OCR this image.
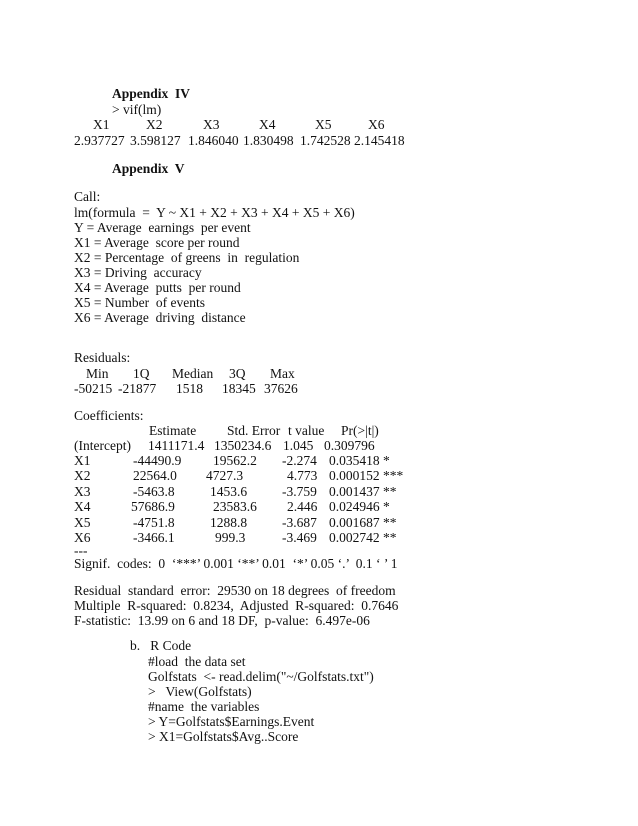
Appendix  IV
> vif(lm)
X1	X2	X3	X4	X5	X6
2.937727 3.598127 1.846040 1.830498 1.742528 2.145418
Appendix  V
Call:
lm(formula  =  Y ~ X1 + X2 + X3 + X4 + X5 + X6)
Y = Average  earnings  per event
X1 = Average  score per round
X2 = Percentage  of greens  in  regulation
X3 = Driving  accuracy
X4 = Average  putts  per round
X5 = Number  of events
X6 = Average  driving  distance
Residuals:
Min 1Q Median 3Q Max
-50215 -21877 1518 18345 37626
Coefficients:
Estimate Std. Error t value Pr(>|t|)
(Intercept) 1411171.4 1350234.6 1.045 0.309796
X1	-44490.9 19562.2 -2.274 0.035418 *
X2	22564.0 4727.3	4.773 0.000152 ***
X3	-5463.8	1453.6	-3.759 0.001437 **
X4	57686.9	23583.6 2.446 0.024946 *
X5	-4751.8	1288.8	-3.687 0.001687 **
X6	-3466.1	999.3	-3.469 0.002742 **
---
Signif.  codes:  0  ‘***’ 0.001 ‘**’ 0.01  ‘*’ 0.05 ‘.’  0.1 ‘ ’ 1
Residual  standard  error:  29530 on 18 degrees  of freedom
Multiple  R-squared:  0.8234,  Adjusted  R-squared:  0.7646
F-statistic:  13.99 on 6 and 18 DF,  p-value:  6.497e-06
b.   R Code
#load  the data set
Golfstats  <- read.delim("~/Golfstats.txt")
>   View(Golfstats)
#name  the variables
> Y=Golfstats$Earnings.Event
> X1=Golfstats$Avg..Score
